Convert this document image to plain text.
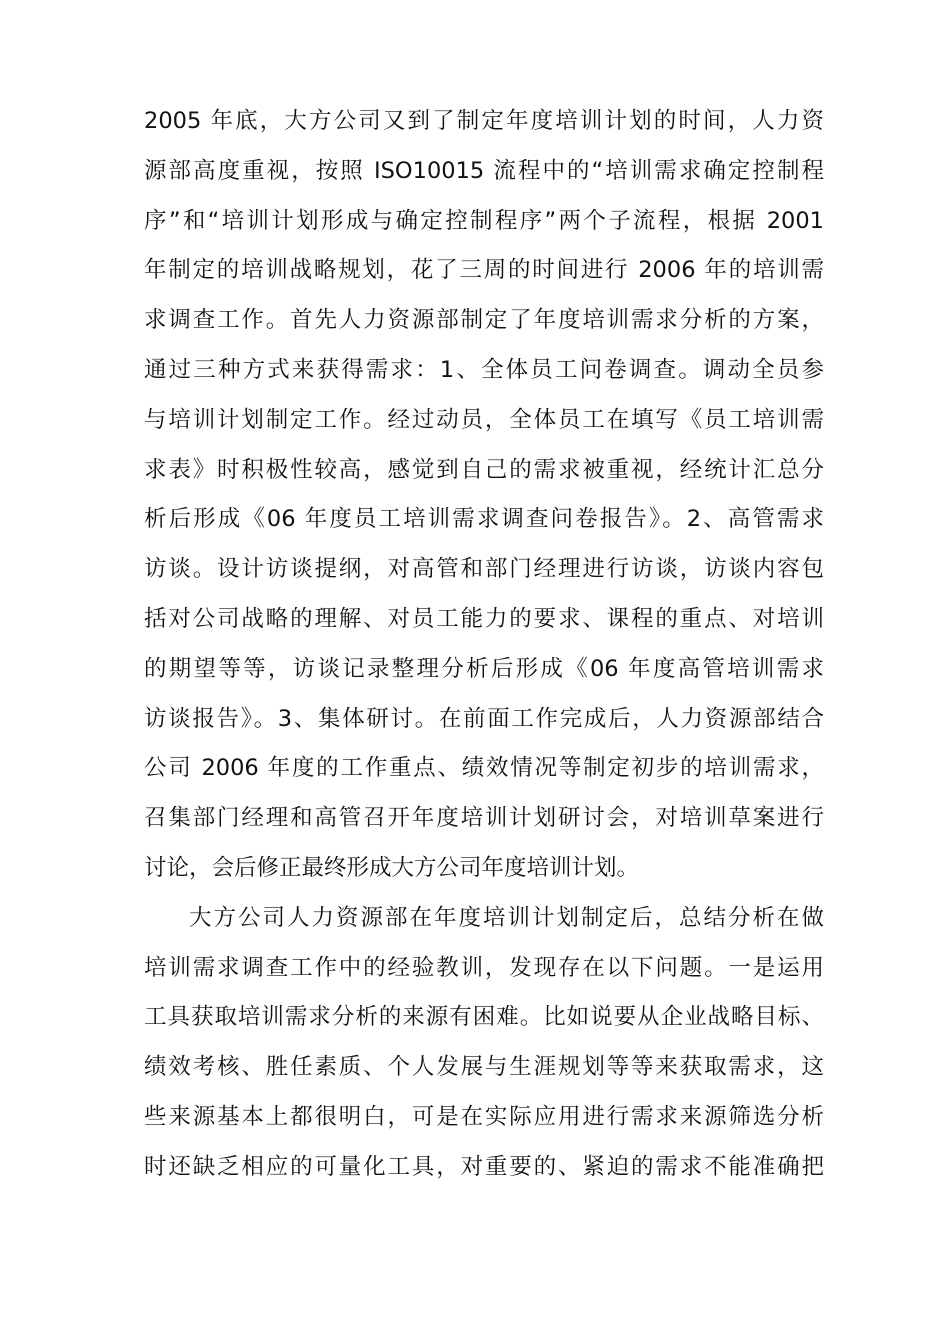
2005 年底，大方公司又到了制定年度培训计划的时间，人力资
源部高度重视，按照 ISO10015 流程中的“培训需求确定控制程
序”和“培训计划形成与确定控制程序”两个子流程，根据 2001
年制定的培训战略规划，花了三周的时间进行 2006 年的培训需
求调查工作。首先人力资源部制定了年度培训需求分析的方案，
通过三种方式来获得需求：1、全体员工问卷调查。调动全员参
与培训计划制定工作。经过动员，全体员工在填写《员工培训需
求表》时积极性较高，感觉到自己的需求被重视，经统计汇总分
析后形成《06 年度员工培训需求调查问卷报告》。2、高管需求
访谈。设计访谈提纲，对高管和部门经理进行访谈，访谈内容包
括对公司战略的理解、对员工能力的要求、课程的重点、对培训
的期望等等，访谈记录整理分析后形成《06 年度高管培训需求
访谈报告》。3、集体研讨。在前面工作完成后，人力资源部结合
公司 2006 年度的工作重点、绩效情况等制定初步的培训需求，
召集部门经理和高管召开年度培训计划研讨会，对培训草案进行
讨论，会后修正最终形成大方公司年度培训计划。
大方公司人力资源部在年度培训计划制定后，总结分析在做
培训需求调查工作中的经验教训，发现存在以下问题。一是运用
工具获取培训需求分析的来源有困难。比如说要从企业战略目标、
绩效考核、胜任素质、个人发展与生涯规划等等来获取需求，这
些来源基本上都很明白，可是在实际应用进行需求来源筛选分析
时还缺乏相应的可量化工具，对重要的、紧迫的需求不能准确把
